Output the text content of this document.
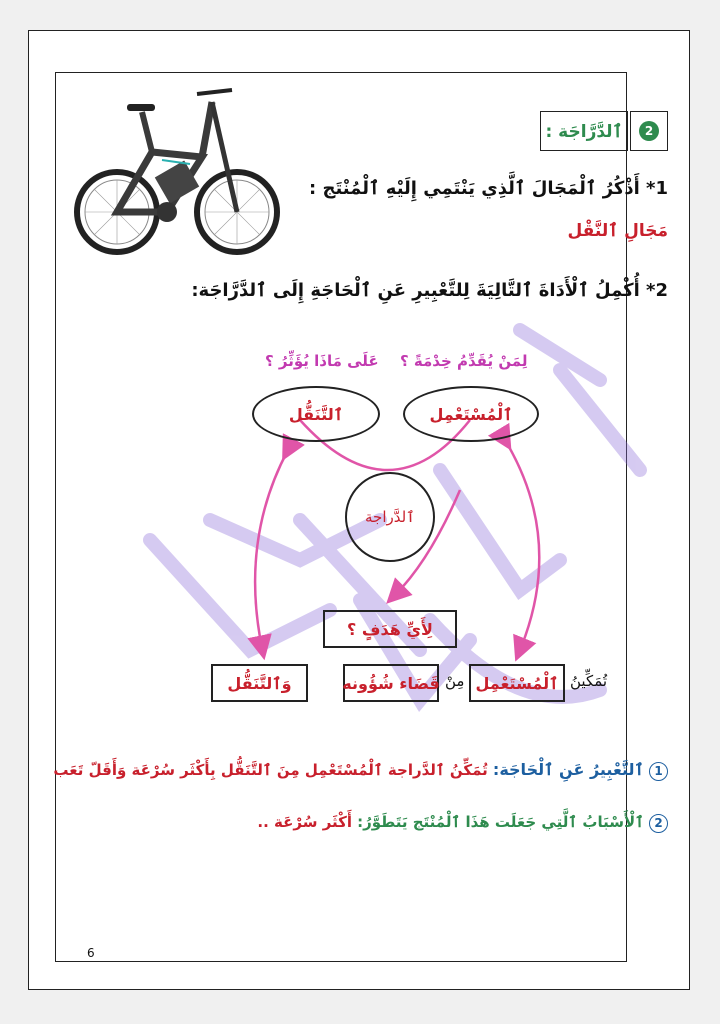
2
ٱلدَّرَّاجَة :
1* أَذْكُرُ ٱلْمَجَالَ ٱلَّذِي يَنْتَمِي إِلَيْهِ ٱلْمُنْتَج :
مَجَالِ ٱلنَّقْل
2* أُكْمِلُ ٱلْأَدَاةَ ٱلتَّالِيَةَ لِلتَّعْبِيرِ عَنِ ٱلْحَاجَةِ إِلَى ٱلدَّرَّاجَة:
عَلَى مَاذَا يُؤَثِّرُ ؟ لِمَنْ يُقَدِّمُ خِدْمَةً ؟
ٱلتَّنَقُّل	ٱلْمُسْتَعْمِل
ٱلدَّراجة
لِأَيِّ هَدَفٍ ؟
وَٱلتَّنَقُّل	قَضَاء شُؤُونه مِنْ ٱلْمُسْتَعْمِل تُمَكِّينُ
1 ٱلتَّعْبِيرُ عَنِ ٱلْحَاجَة: تُمَكِّنُ ٱلدَّراجة ٱلْمُسْتَعْمِل مِنَ ٱلتَّنَقُّل بِأَكْثَر سُرْعَة وَأَقَلّ تَعَب
2 ٱلْأَسْبَابُ ٱلَّتِي جَعَلَت هَذَا ٱلْمُنْتَج يَتَطَوَّرُ: أَكْثَر سُرْعَة ..
6
